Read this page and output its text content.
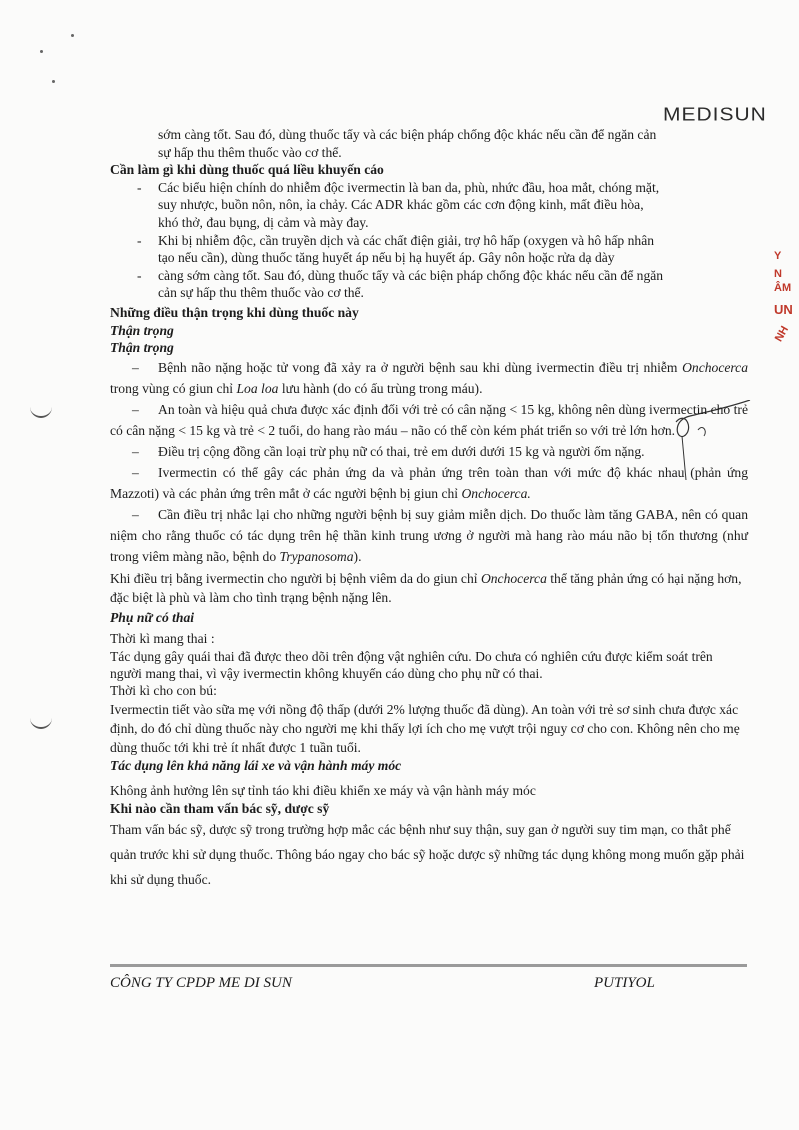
MEDISUN
Y
N
ÂM
UN
NH

sớm càng tốt. Sau đó, dùng thuốc tẩy và các biện pháp chống độc khác nếu cần để ngăn cản

sự hấp thu thêm thuốc vào cơ thể.

Cần làm gì khi dùng thuốc quá liều khuyến cáo

- Các biểu hiện chính do nhiễm độc ivermectin là ban da, phù, nhức đầu, hoa mắt, chóng mặt,

suy nhược, buồn nôn, nôn, ỉa chảy. Các ADR khác gồm các cơn động kinh, mất điều hòa,

khó thở, đau bụng, dị cảm và mày đay.

- Khi bị nhiễm độc, cần truyền dịch và các chất điện giải, trợ hô hấp (oxygen và hô hấp nhân

tạo nếu cần), dùng thuốc tăng huyết áp nếu bị hạ huyết áp. Gây nôn hoặc rửa dạ dày

- càng sớm càng tốt. Sau đó, dùng thuốc tẩy và các biện pháp chống độc khác nếu cần để ngăn

cản sự hấp thu thêm thuốc vào cơ thể.

Những điều thận trọng khi dùng thuốc này

Thận trọng

Thận trọng

– Bệnh não nặng hoặc tử vong đã xảy ra ở người bệnh sau khi dùng ivermectin điều trị nhiễm Onchocerca trong vùng có giun chỉ Loa loa lưu hành (do có ấu trùng trong máu).

– An toàn và hiệu quả chưa được xác định đối với trẻ có cân nặng < 15 kg, không nên dùng ivermectin cho trẻ có cân nặng < 15 kg và trẻ < 2 tuổi, do hang rào máu – não có thể còn kém phát triển so với trẻ lớn hơn.

– Điều trị cộng đồng cần loại trừ phụ nữ có thai, trẻ em dưới dưới 15 kg và người ốm nặng.

– Ivermectin có thể gây các phản ứng da và phản ứng trên toàn than với mức độ khác nhau (phản ứng Mazzoti) và các phản ứng trên mắt ở các người bệnh bị giun chỉ Onchocerca.

– Cần điều trị nhắc lại cho những người bệnh bị suy giảm miễn dịch. Do thuốc làm tăng GABA, nên có quan niệm cho rằng thuốc có tác dụng trên hệ thần kinh trung ương ở người mà hang rào máu não bị tổn thương (như trong viêm màng não, bệnh do Trypanosoma).

Khi điều trị bằng ivermectin cho người bị bệnh viêm da do giun chỉ Onchocerca thể tăng phản ứng có hại nặng hơn, đặc biệt là phù và làm cho tình trạng bệnh nặng lên.

Phụ nữ có thai

Thời kì mang thai :

Tác dụng gây quái thai đã được theo dõi trên động vật nghiên cứu. Do chưa có nghiên cứu được kiểm soát trên người mang thai, vì vậy ivermectin không khuyến cáo dùng cho phụ nữ có thai.

Thời kì cho con bú:

Ivermectin tiết vào sữa mẹ với nồng độ thấp (dưới 2% lượng thuốc đã dùng). An toàn với trẻ sơ sinh chưa được xác định, do đó chỉ dùng thuốc này cho người mẹ khi thấy lợi ích cho mẹ vượt trội nguy cơ cho con. Không nên cho mẹ dùng thuốc tới khi trẻ ít nhất được 1 tuần tuổi.

Tác dụng lên khả năng lái xe và vận hành máy móc

Không ảnh hưởng lên sự tỉnh táo khi điều khiển xe máy và vận hành máy móc

Khi nào cần tham vấn bác sỹ, dược sỹ

Tham vấn bác sỹ, dược sỹ trong trường hợp mắc các bệnh như suy thận, suy gan ở người suy tim mạn, co thắt phế quản trước khi sử dụng thuốc. Thông báo ngay cho bác sỹ hoặc dược sỹ những tác dụng không mong muốn gặp phải khi sử dụng thuốc.

CÔNG TY CPDP ME DI SUN	PUTIYOL
